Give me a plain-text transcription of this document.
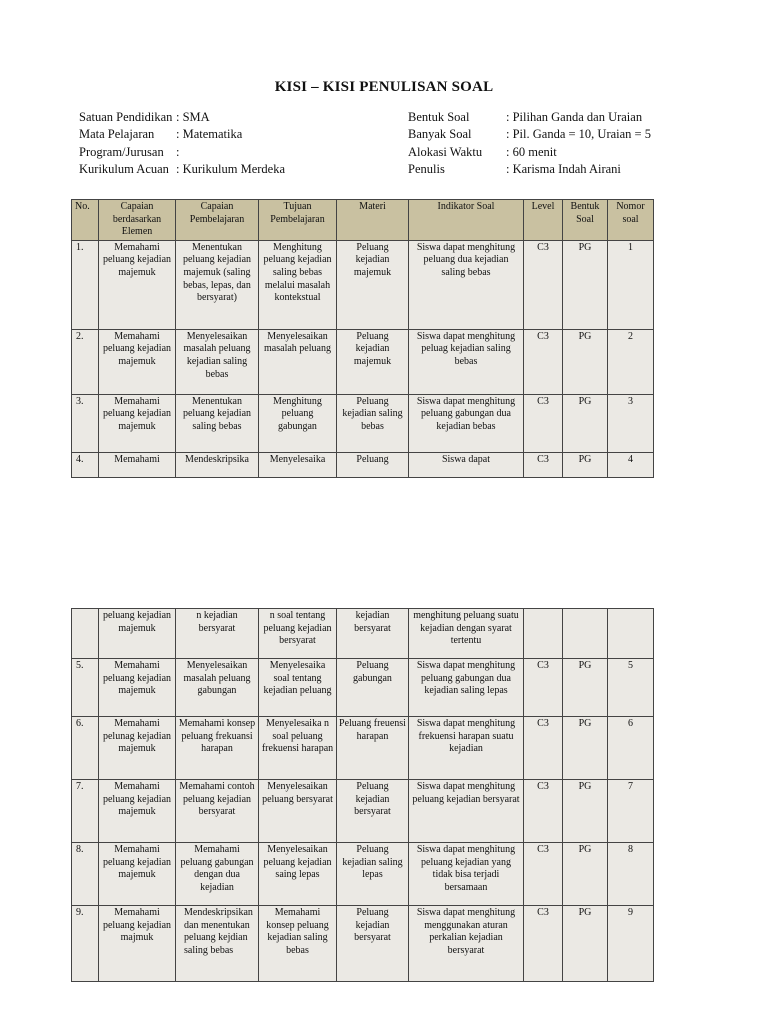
KISI – KISI PENULISAN SOAL
Satuan Pendidikan : SMA
Mata Pelajaran	: Matematika
Program/Jurusan :
Kurikulum Acuan : Kurikulum Merdeka
Bentuk Soal	: Pilihan Ganda dan Uraian
Banyak Soal	: Pil. Ganda = 10, Uraian = 5
Alokasi Waktu	: 60 menit
Penulis	: Karisma Indah Airani
No.	Capaian berdasarkan Elemen	Capaian Pembelajaran	Tujuan Pembelajaran	Materi	Indikator Soal	Level	Bentuk Soal	Nomor soal
1.	Memahami peluang kejadian majemuk	Menentukan peluang kejadian majemuk (saling bebas, lepas, dan bersyarat)	Menghitung peluang kejadian saling bebas melalui masalah kontekstual	Peluang kejadian majemuk	Siswa dapat menghitung peluang dua kejadian saling bebas	C3	PG	1
2.	Memahami peluang kejadian majemuk	Menyelesaikan masalah peluang kejadian saling bebas	Menyelesaikan masalah peluang	Peluang kejadian majemuk	Siswa dapat menghitung peluag kejadian saling bebas	C3	PG	2
3.	Memahami peluang kejadian majemuk	Menentukan peluang kejadian saling bebas	Menghitung peluang gabungan	Peluang kejadian saling bebas	Siswa dapat menghitung peluang gabungan dua kejadian bebas	C3	PG	3
4.	Memahami	Mendeskripsika	Menyelesaika	Peluang	Siswa dapat	C3	PG	4
	peluang kejadian majemuk	n kejadian bersyarat	n soal tentang peluang kejadian bersyarat	kejadian bersyarat	menghitung peluang suatu kejadian dengan syarat tertentu			
5.	Memahami peluang kejadian majemuk	Menyelesaikan masalah peluang gabungan	Menyelesaika soal tentang kejadian peluang	Peluang gabungan	Siswa dapat menghitung peluang gabungan dua kejadian saling lepas	C3	PG	5
6.	Memahami pelunag kejadian majemuk	Memahami konsep peluang frekuansi harapan	Menyelesaika n soal peluang frekuensi harapan	Peluang freuensi harapan	Siswa dapat menghitung frekuensi harapan suatu kejadian	C3	PG	6
7.	Memahami peluang kejadian majemuk	Memahami contoh peluang kejadian bersyarat	Menyelesaikan peluang bersyarat	Peluang kejadian bersyarat	Siswa dapat menghitung peluang kejadian bersyarat	C3	PG	7
8.	Memahami peluang kejadian majemuk	Memahami peluang gabungan dengan dua kejadian	Menyelesaikan peluang kejadian saing lepas	Peluang kejadian saling lepas	Siswa dapat menghitung peluang kejadian yang tidak bisa terjadi bersamaan	C3	PG	8
9.	Memahami peluang kejadian majmuk	Mendeskripsikan dan menentukan peluang kejdian saling bebas	Memahami konsep peluang kejadian saling bebas	Peluang kejadian bersyarat	Siswa dapat menghitung menggunakan aturan perkalian kejadian bersyarat	C3	PG	9
